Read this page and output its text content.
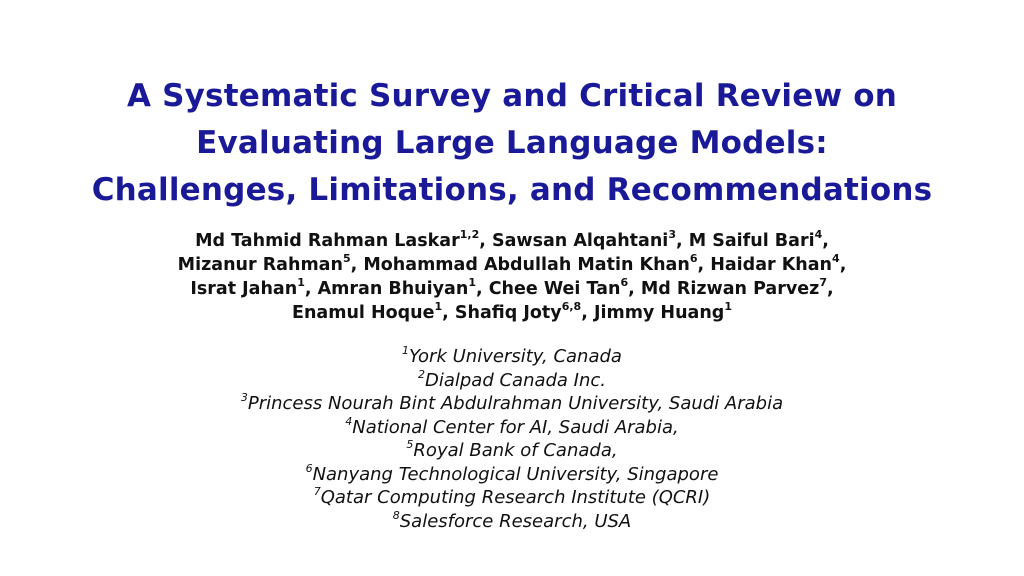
A Systematic Survey and Critical Review on
Evaluating Large Language Models:
Challenges, Limitations, and Recommendations
Md Tahmid Rahman Laskar$^{1,2}$, Sawsan Alqahtani$^3$, M Saiful Bari$^4$,
Mizanur Rahman$^5$, Mohammad Abdullah Matin Khan$^6$, Haidar Khan$^4$,
Israt Jahan$^1$, Amran Bhuiyan$^1$, Chee Wei Tan$^6$, Md Rizwan Parvez$^7$,
Enamul Hoque$^1$, Shafiq Joty$^{6,8}$, Jimmy Huang$^1$
$^1$York University, Canada
$^2$Dialpad Canada Inc.
$^3$Princess Nourah Bint Abdulrahman University, Saudi Arabia
$^4$National Center for AI, Saudi Arabia,
$^5$Royal Bank of Canada,
$^6$Nanyang Technological University, Singapore
$^7$Qatar Computing Research Institute (QCRI)
$^8$Salesforce Research, USA
